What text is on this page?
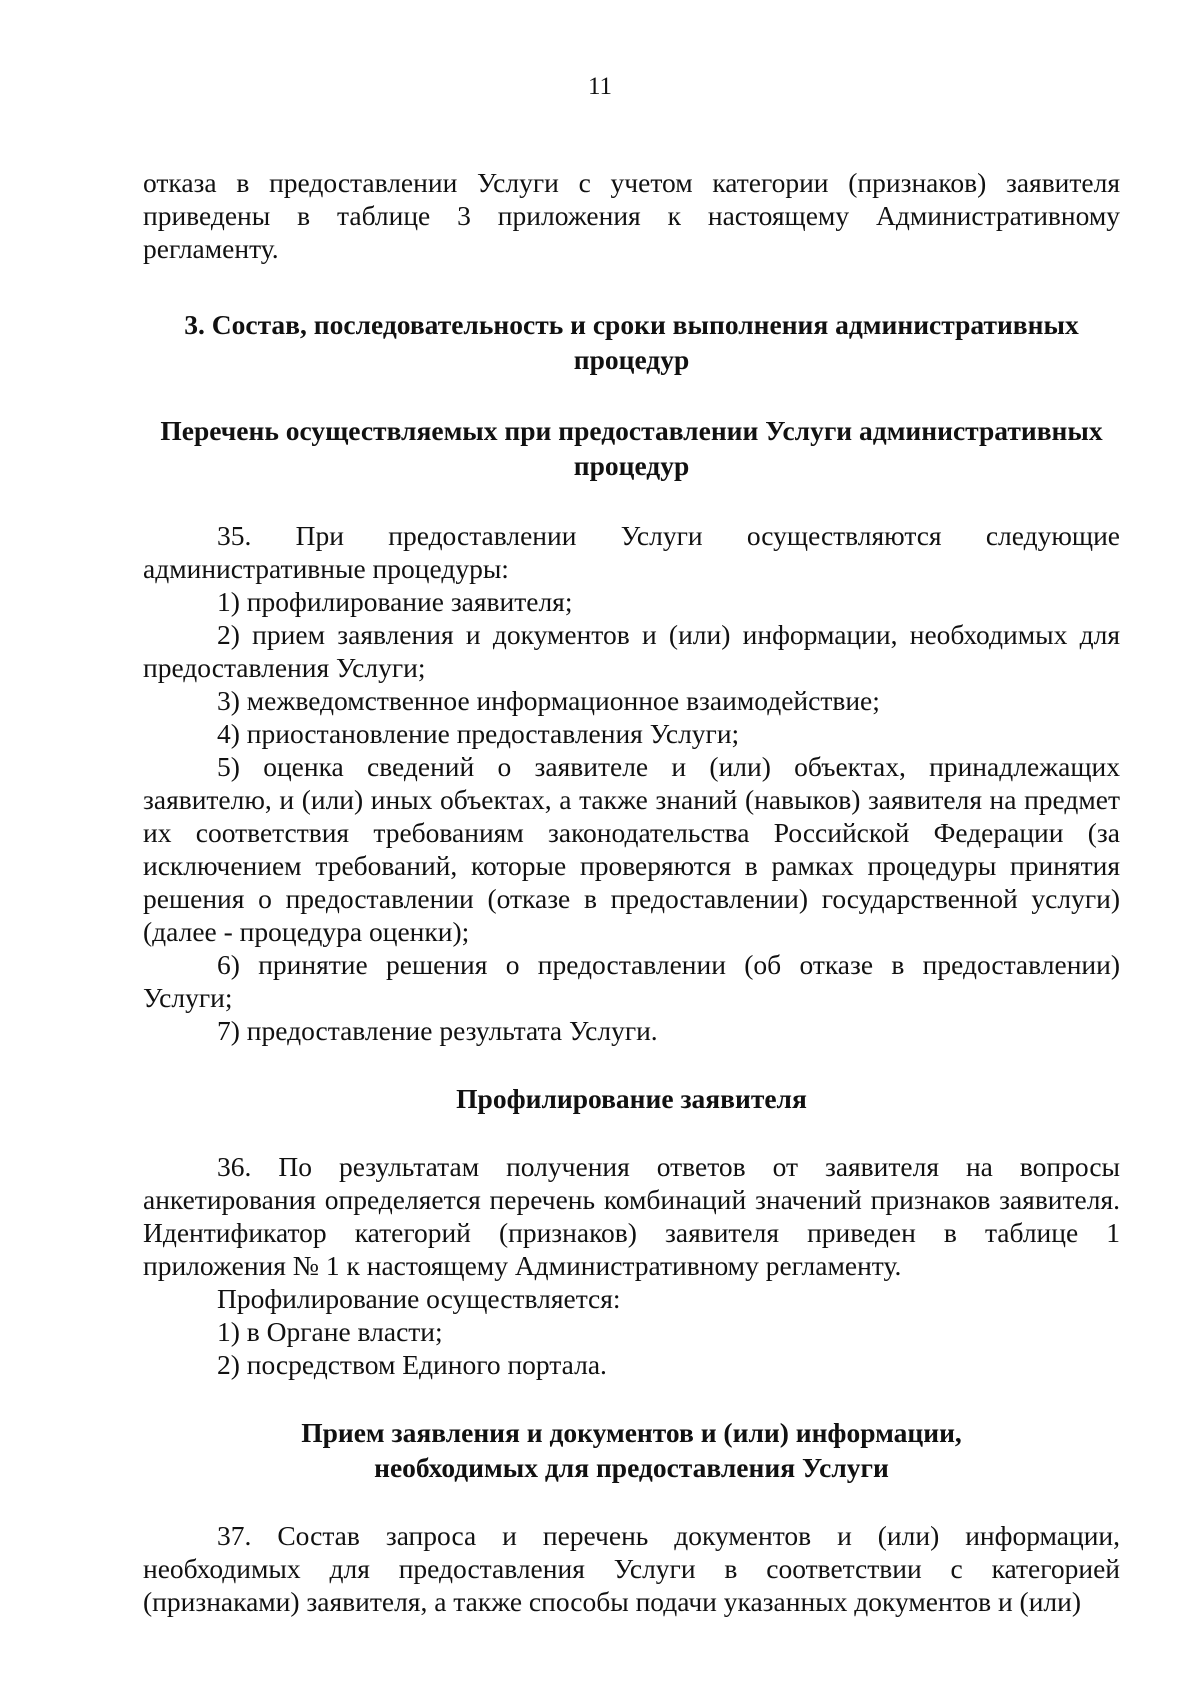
11

отказа в предоставлении Услуги с учетом категории (признаков) заявителя приведены в таблице 3 приложения к настоящему Административному регламенту.

3. Состав, последовательность и сроки выполнения административных процедур

Перечень осуществляемых при предоставлении Услуги административных процедур

35. При предоставлении Услуги осуществляются следующие административные процедуры:

1) профилирование заявителя;

2) прием заявления и документов и (или) информации, необходимых для предоставления Услуги;

3) межведомственное информационное взаимодействие;

4) приостановление предоставления Услуги;

5) оценка сведений о заявителе и (или) объектах, принадлежащих заявителю, и (или) иных объектах, а также знаний (навыков) заявителя на предмет их соответствия требованиям законодательства Российской Федерации (за исключением требований, которые проверяются в рамках процедуры принятия решения о предоставлении (отказе в предоставлении) государственной услуги) (далее - процедура оценки);

6) принятие решения о предоставлении (об отказе в предоставлении) Услуги;

7) предоставление результата Услуги.

Профилирование заявителя

36. По результатам получения ответов от заявителя на вопросы анкетирования определяется перечень комбинаций значений признаков заявителя. Идентификатор категорий (признаков) заявителя приведен в таблице 1 приложения № 1 к настоящему Административному регламенту.

Профилирование осуществляется:

1) в Органе власти;

2) посредством Единого портала.

Прием заявления и документов и (или) информации,
необходимых для предоставления Услуги

37. Состав запроса и перечень документов и (или) информации, необходимых для предоставления Услуги в соответствии с категорией (признаками) заявителя, а также способы подачи указанных документов и (или)
